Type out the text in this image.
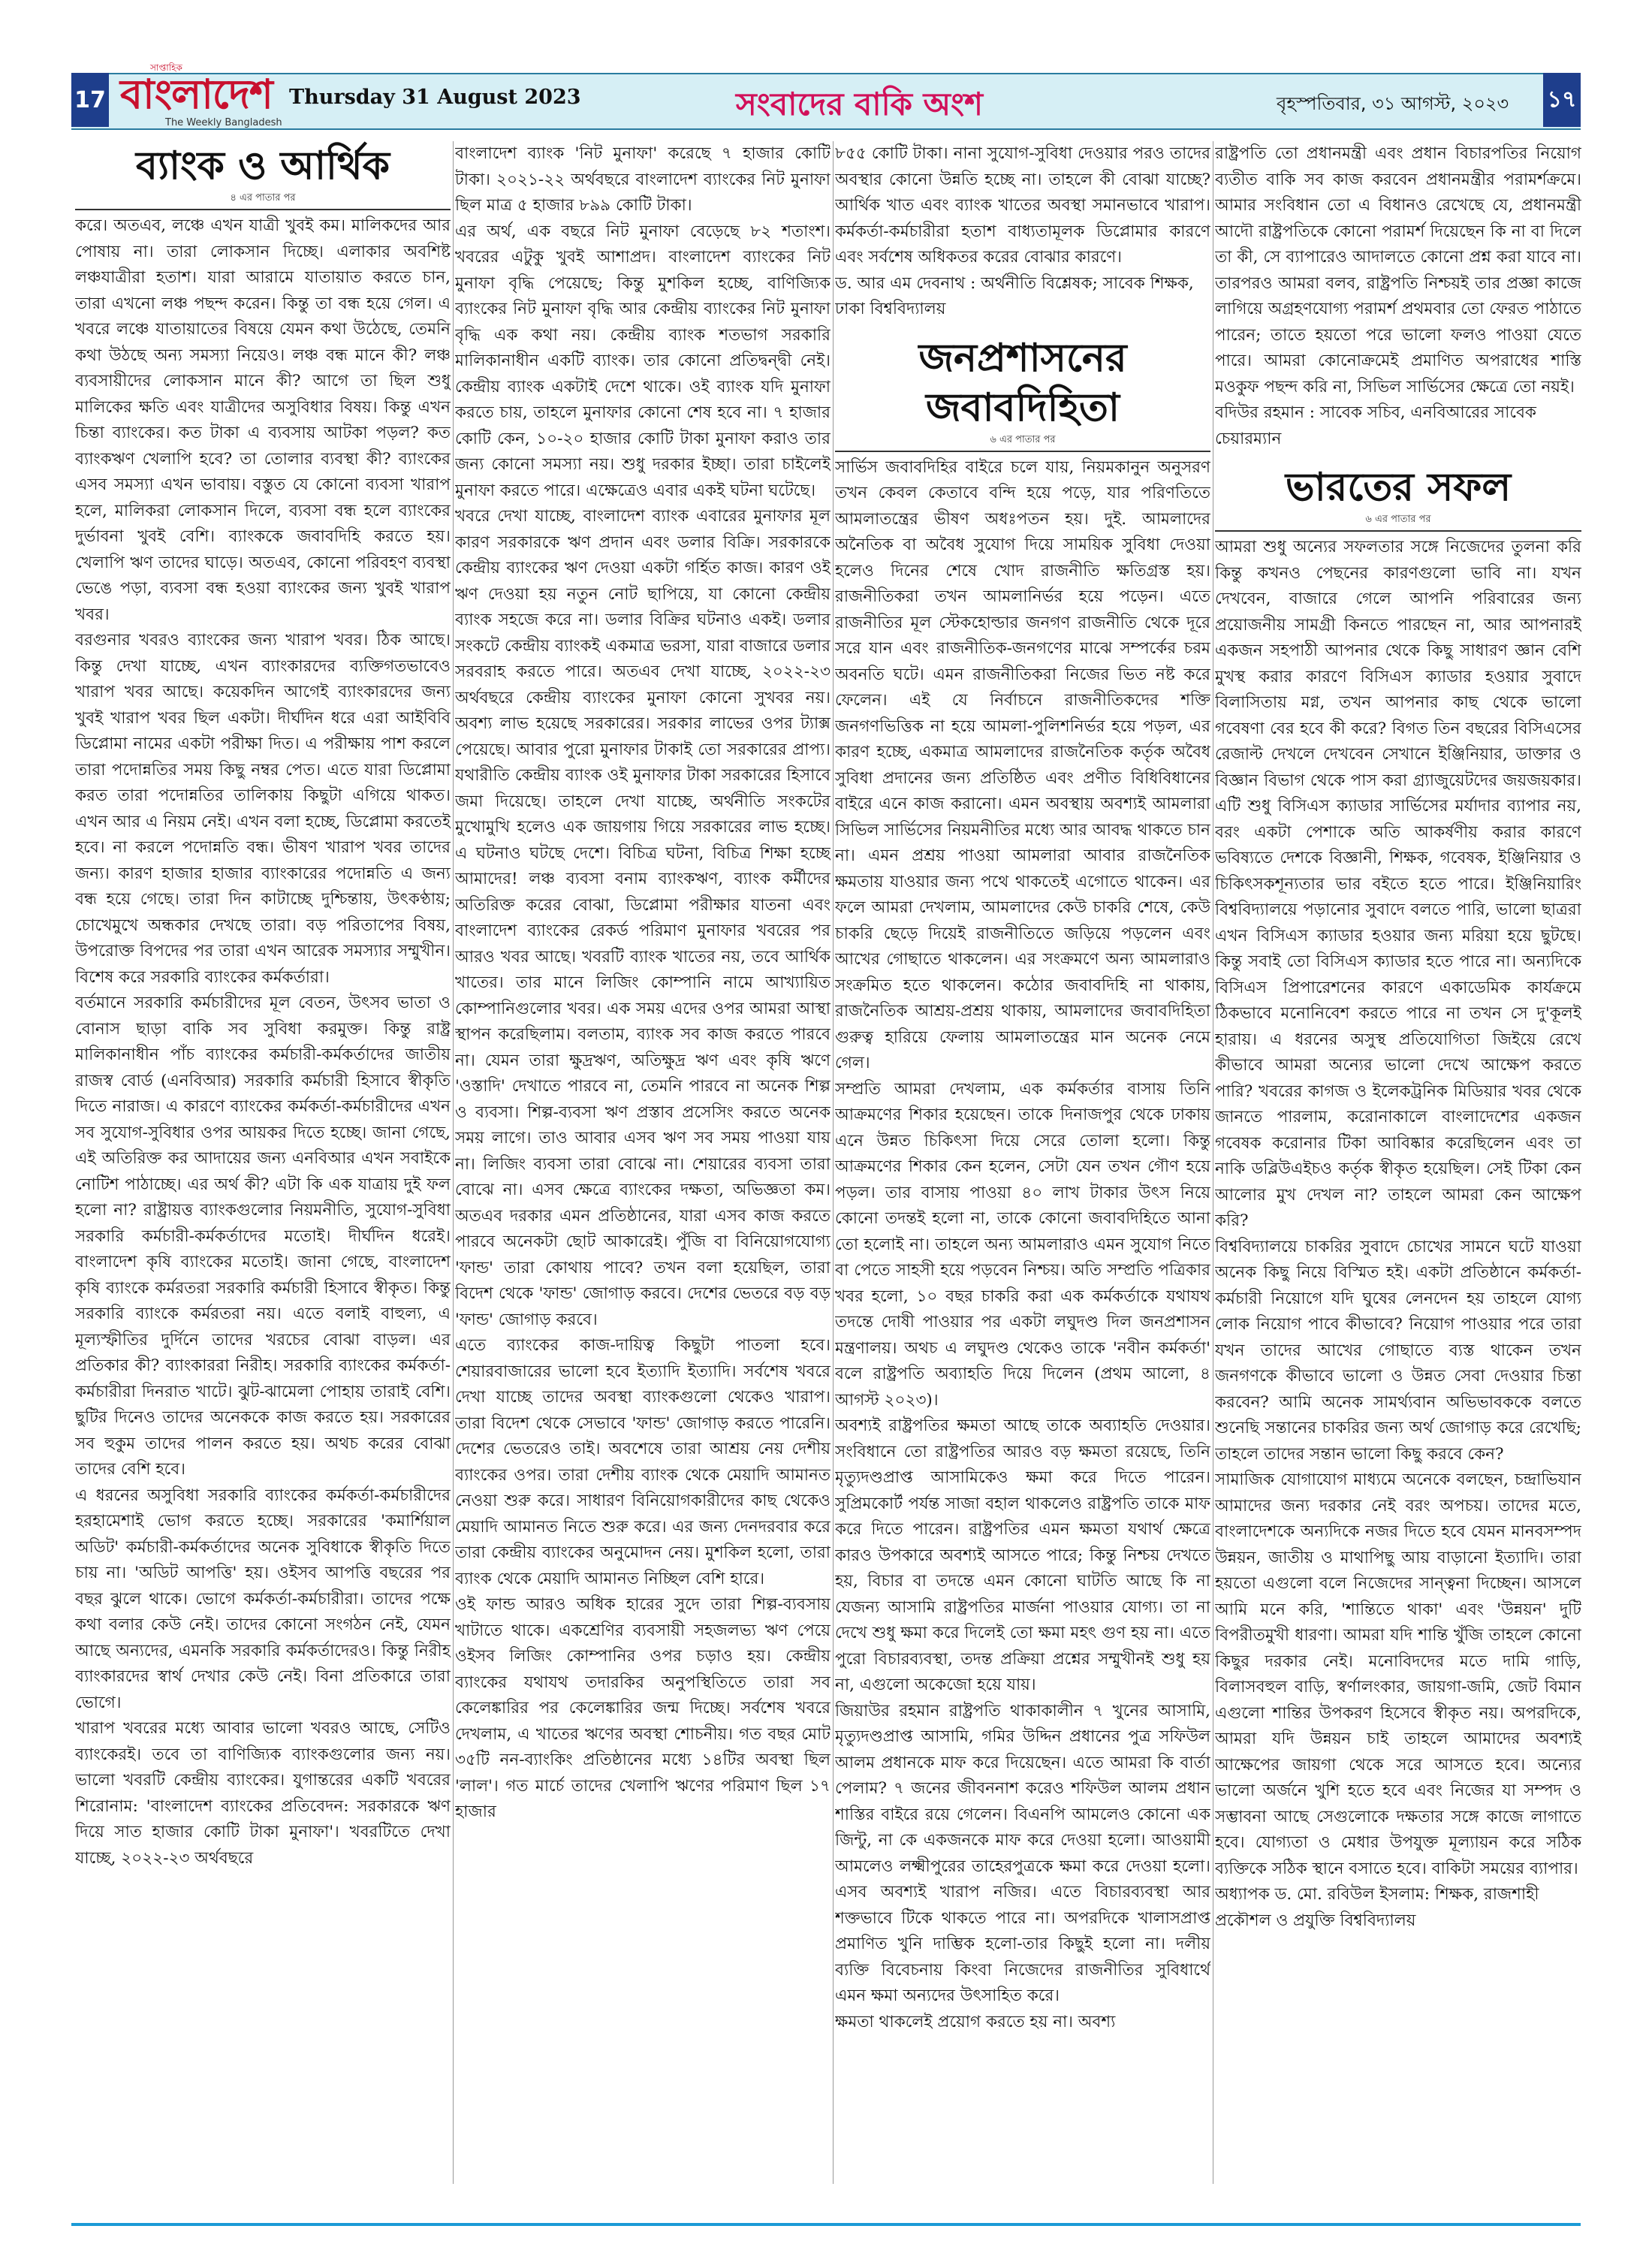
17
সাপ্তাহিক
বাংলাদেশ
The Weekly Bangladesh
Thursday 31 August 2023	সংবাদের বাকি অংশ	বৃহস্পতিবার, ৩১ আগস্ট, ২০২৩ ১৭
ব্যাংক ও আর্থিক
৪ এর পাতার পর

করে। অতএব, লঞ্চে এখন যাত্রী খুবই কম। মালিকদের আর পোষায় না। তারা লোকসান দিচ্ছে। এলাকার অবশিষ্ট লঞ্চযাত্রীরা হতাশ। যারা আরামে যাতায়াত করতে চান, তারা এখনো লঞ্চ পছন্দ করেন। কিন্তু তা বন্ধ হয়ে গেল। এ খবরে লঞ্চে যাতায়াতের বিষয়ে যেমন কথা উঠেছে, তেমনি কথা উঠছে অন্য সমস্যা নিয়েও। লঞ্চ বন্ধ মানে কী? লঞ্চ ব্যবসায়ীদের লোকসান মানে কী? আগে তা ছিল শুধু মালিকের ক্ষতি এবং যাত্রীদের অসুবিধার বিষয়। কিন্তু এখন চিন্তা ব্যাংকের। কত টাকা এ ব্যবসায় আটকা পড়ল? কত ব্যাংকঋণ খেলাপি হবে? তা তোলার ব্যবস্থা কী? ব্যাংকের এসব সমস্যা এখন ভাবায়। বস্তুত যে কোনো ব্যবসা খারাপ হলে, মালিকরা লোকসান দিলে, ব্যবসা বন্ধ হলে ব্যাংকের দুর্ভাবনা খুবই বেশি। ব্যাংককে জবাবদিহি করতে হয়। খেলাপি ঋণ তাদের ঘাড়ে। অতএব, কোনো পরিবহণ ব্যবস্থা ভেঙে পড়া, ব্যবসা বন্ধ হওয়া ব্যাংকের জন্য খুবই খারাপ খবর।

বরগুনার খবরও ব্যাংকের জন্য খারাপ খবর। ঠিক আছে। কিন্তু দেখা যাচ্ছে, এখন ব্যাংকারদের ব্যক্তিগতভাবেও খারাপ খবর আছে। কয়েকদিন আগেই ব্যাংকারদের জন্য খুবই খারাপ খবর ছিল একটা। দীর্ঘদিন ধরে এরা আইবিবি ডিপ্লোমা নামের একটা পরীক্ষা দিত। এ পরীক্ষায় পাশ করলে তারা পদোন্নতির সময় কিছু নম্বর পেত। এতে যারা ডিপ্লোমা করত তারা পদোন্নতির তালিকায় কিছুটা এগিয়ে থাকত। এখন আর এ নিয়ম নেই। এখন বলা হচ্ছে, ডিপ্লোমা করতেই হবে। না করলে পদোন্নতি বন্ধ। ভীষণ খারাপ খবর তাদের জন্য। কারণ হাজার হাজার ব্যাংকারের পদোন্নতি এ জন্য বন্ধ হয়ে গেছে। তারা দিন কাটাচ্ছে দুশ্চিন্তায়, উৎকণ্ঠায়; চোখেমুখে অন্ধকার দেখছে তারা। বড় পরিতাপের বিষয়, উপরোক্ত বিপদের পর তারা এখন আরেক সমস্যার সম্মুখীন। বিশেষ করে সরকারি ব্যাংকের কর্মকর্তারা।

বর্তমানে সরকারি কর্মচারীদের মূল বেতন, উৎসব ভাতা ও বোনাস ছাড়া বাকি সব সুবিধা করমুক্ত। কিন্তু রাষ্ট্র মালিকানাধীন পাঁচ ব্যাংকের কর্মচারী-কর্মকর্তাদের জাতীয় রাজস্ব বোর্ড (এনবিআর) সরকারি কর্মচারী হিসাবে স্বীকৃতি দিতে নারাজ। এ কারণে ব্যাংকের কর্মকর্তা-কর্মচারীদের এখন সব সুযোগ-সুবিধার ওপর আয়কর দিতে হচ্ছে। জানা গেছে, এই অতিরিক্ত কর আদায়ের জন্য এনবিআর এখন সবাইকে নোটিশ পাঠাচ্ছে। এর অর্থ কী? এটা কি এক যাত্রায় দুই ফল হলো না? রাষ্ট্রায়ত্ত ব্যাংকগুলোর নিয়মনীতি, সুযোগ-সুবিধা সরকারি কর্মচারী-কর্মকর্তাদের মতোই। দীর্ঘদিন ধরেই। বাংলাদেশ কৃষি ব্যাংকের মতোই। জানা গেছে, বাংলাদেশ কৃষি ব্যাংকে কর্মরতরা সরকারি কর্মচারী হিসাবে স্বীকৃত। কিন্তু সরকারি ব্যাংকে কর্মরতরা নয়। এতে বলাই বাহুল্য, এ মূল্যস্ফীতির দুর্দিনে তাদের খরচের বোঝা বাড়ল। এর প্রতিকার কী? ব্যাংকাররা নিরীহ। সরকারি ব্যাংকের কর্মকর্তা-কর্মচারীরা দিনরাত খাটে। ঝুট-ঝামেলা পোহায় তারাই বেশি। ছুটির দিনেও তাদের অনেককে কাজ করতে হয়। সরকারের সব হুকুম তাদের পালন করতে হয়। অথচ করের বোঝা তাদের বেশি হবে।

এ ধরনের অসুবিধা সরকারি ব্যাংকের কর্মকর্তা-কর্মচারীদের হরহামেশাই ভোগ করতে হচ্ছে। সরকারের 'কমার্শিয়াল অডিট' কর্মচারী-কর্মকর্তাদের অনেক সুবিধাকে স্বীকৃতি দিতে চায় না। 'অডিট আপত্তি' হয়। ওইসব আপত্তি বছরের পর বছর ঝুলে থাকে। ভোগে কর্মকর্তা-কর্মচারীরা। তাদের পক্ষে কথা বলার কেউ নেই। তাদের কোনো সংগঠন নেই, যেমন আছে অন্যদের, এমনকি সরকারি কর্মকর্তাদেরও। কিন্তু নিরীহ ব্যাংকারদের স্বার্থ দেখার কেউ নেই। বিনা প্রতিকারে তারা ভোগে।

খারাপ খবরের মধ্যে আবার ভালো খবরও আছে, সেটিও ব্যাংকেরই। তবে তা বাণিজ্যিক ব্যাংকগুলোর জন্য নয়। ভালো খবরটি কেন্দ্রীয় ব্যাংকের। যুগান্তরের একটি খবরের শিরোনাম: 'বাংলাদেশ ব্যাংকের প্রতিবেদন: সরকারকে ঋণ দিয়ে সাত হাজার কোটি টাকা মুনাফা'। খবরটিতে দেখা যাচ্ছে, ২০২২-২৩ অর্থবছরে

বাংলাদেশ ব্যাংক 'নিট মুনাফা' করেছে ৭ হাজার কোটি টাকা। ২০২১-২২ অর্থবছরে বাংলাদেশ ব্যাংকের নিট মুনাফা ছিল মাত্র ৫ হাজার ৮৯৯ কোটি টাকা।

এর অর্থ, এক বছরে নিট মুনাফা বেড়েছে ৮২ শতাংশ। খবরের এটুকু খুবই আশাপ্রদ। বাংলাদেশ ব্যাংকের নিট মুনাফা বৃদ্ধি পেয়েছে; কিন্তু মুশকিল হচ্ছে, বাণিজ্যিক ব্যাংকের নিট মুনাফা বৃদ্ধি আর কেন্দ্রীয় ব্যাংকের নিট মুনাফা বৃদ্ধি এক কথা নয়। কেন্দ্রীয় ব্যাংক শতভাগ সরকারি মালিকানাধীন একটি ব্যাংক। তার কোনো প্রতিদ্বন্দ্বী নেই। কেন্দ্রীয় ব্যাংক একটাই দেশে থাকে। ওই ব্যাংক যদি মুনাফা করতে চায়, তাহলে মুনাফার কোনো শেষ হবে না। ৭ হাজার কোটি কেন, ১০-২০ হাজার কোটি টাকা মুনাফা করাও তার জন্য কোনো সমস্যা নয়। শুধু দরকার ইচ্ছা। তারা চাইলেই মুনাফা করতে পারে। এক্ষেত্রেও এবার একই ঘটনা ঘটেছে।

খবরে দেখা যাচ্ছে, বাংলাদেশ ব্যাংক এবারের মুনাফার মূল কারণ সরকারকে ঋণ প্রদান এবং ডলার বিক্রি। সরকারকে কেন্দ্রীয় ব্যাংকের ঋণ দেওয়া একটা গর্হিত কাজ। কারণ ওই ঋণ দেওয়া হয় নতুন নোট ছাপিয়ে, যা কোনো কেন্দ্রীয় ব্যাংক সহজে করে না। ডলার বিক্রির ঘটনাও একই। ডলার সংকটে কেন্দ্রীয় ব্যাংকই একমাত্র ভরসা, যারা বাজারে ডলার সরবরাহ করতে পারে। অতএব দেখা যাচ্ছে, ২০২২-২৩ অর্থবছরে কেন্দ্রীয় ব্যাংকের মুনাফা কোনো সুখবর নয়। অবশ্য লাভ হয়েছে সরকারের। সরকার লাভের ওপর ট্যাক্স পেয়েছে। আবার পুরো মুনাফার টাকাই তো সরকারের প্রাপ্য। যথারীতি কেন্দ্রীয় ব্যাংক ওই মুনাফার টাকা সরকারের হিসাবে জমা দিয়েছে। তাহলে দেখা যাচ্ছে, অর্থনীতি সংকটের মুখোমুখি হলেও এক জায়গায় গিয়ে সরকারের লাভ হচ্ছে। এ ঘটনাও ঘটছে দেশে। বিচিত্র ঘটনা, বিচিত্র শিক্ষা হচ্ছে আমাদের! লঞ্চ ব্যবসা বনাম ব্যাংকঋণ, ব্যাংক কর্মীদের অতিরিক্ত করের বোঝা, ডিপ্লোমা পরীক্ষার যাতনা এবং বাংলাদেশ ব্যাংকের রেকর্ড পরিমাণ মুনাফার খবরের পর আরও খবর আছে। খবরটি ব্যাংক খাতের নয়, তবে আর্থিক খাতের। তার মানে লিজিং কোম্পানি নামে আখ্যায়িত কোম্পানিগুলোর খবর। এক সময় এদের ওপর আমরা আস্থা স্থাপন করেছিলাম। বলতাম, ব্যাংক সব কাজ করতে পারবে না। যেমন তারা ক্ষুদ্রঋণ, অতিক্ষুদ্র ঋণ এবং কৃষি ঋণে 'ওস্তাদি' দেখাতে পারবে না, তেমনি পারবে না অনেক শিল্প ও ব্যবসা। শিল্প-ব্যবসা ঋণ প্রস্তাব প্রসেসিং করতে অনেক সময় লাগে। তাও আবার এসব ঋণ সব সময় পাওয়া যায় না। লিজিং ব্যবসা তারা বোঝে না। শেয়ারের ব্যবসা তারা বোঝে না। এসব ক্ষেত্রে ব্যাংকের দক্ষতা, অভিজ্ঞতা কম। অতএব দরকার এমন প্রতিষ্ঠানের, যারা এসব কাজ করতে পারবে অনেকটা ছোট আকারেই। পুঁজি বা বিনিয়োগযোগ্য 'ফান্ড' তারা কোথায় পাবে? তখন বলা হয়েছিল, তারা বিদেশ থেকে 'ফান্ড' জোগাড় করবে। দেশের ভেতরে বড় বড় 'ফান্ড' জোগাড় করবে।

এতে ব্যাংকের কাজ-দায়িত্ব কিছুটা পাতলা হবে। শেয়ারবাজারের ভালো হবে ইত্যাদি ইত্যাদি। সর্বশেষ খবরে দেখা যাচ্ছে তাদের অবস্থা ব্যাংকগুলো থেকেও খারাপ। তারা বিদেশ থেকে সেভাবে 'ফান্ড' জোগাড় করতে পারেনি। দেশের ভেতরেও তাই। অবশেষে তারা আশ্রয় নেয় দেশীয় ব্যাংকের ওপর। তারা দেশীয় ব্যাংক থেকে মেয়াদি আমানত নেওয়া শুরু করে। সাধারণ বিনিয়োগকারীদের কাছ থেকেও মেয়াদি আমানত নিতে শুরু করে। এর জন্য দেনদরবার করে তারা কেন্দ্রীয় ব্যাংকের অনুমোদন নেয়। মুশকিল হলো, তারা ব্যাংক থেকে মেয়াদি আমানত নিচ্ছিল বেশি হারে।

ওই ফান্ড আরও অধিক হারের সুদে তারা শিল্প-ব্যবসায় খাটাতে থাকে। একশ্রেণির ব্যবসায়ী সহজলভ্য ঋণ পেয়ে ওইসব লিজিং কোম্পানির ওপর চড়াও হয়। কেন্দ্রীয় ব্যাংকের যথাযথ তদারকির অনুপস্থিতিতে তারা সব কেলেঙ্কারির পর কেলেঙ্কারির জন্ম দিচ্ছে। সর্বশেষ খবরে দেখলাম, এ খাতের ঋণের অবস্থা শোচনীয়। গত বছর মোট ৩৫টি নন-ব্যাংকিং প্রতিষ্ঠানের মধ্যে ১৪টির অবস্থা ছিল 'লাল'। গত মার্চে তাদের খেলাপি ঋণের পরিমাণ ছিল ১৭ হাজার

৮৫৫ কোটি টাকা। নানা সুযোগ-সুবিধা দেওয়ার পরও তাদের অবস্থার কোনো উন্নতি হচ্ছে না। তাহলে কী বোঝা যাচ্ছে? আর্থিক খাত এবং ব্যাংক খাতের অবস্থা সমানভাবে খারাপ। কর্মকর্তা-কর্মচারীরা হতাশ বাধ্যতামূলক ডিপ্লোমার কারণে এবং সর্বশেষ অধিকতর করের বোঝার কারণে।

ড. আর এম দেবনাথ : অর্থনীতি বিশ্লেষক; সাবেক শিক্ষক, ঢাকা বিশ্ববিদ্যালয়

জনপ্রশাসনের জবাবদিহিতা
৬ এর পাতার পর

সার্ভিস জবাবদিহির বাইরে চলে যায়, নিয়মকানুন অনুসরণ তখন কেবল কেতাবে বন্দি হয়ে পড়ে, যার পরিণতিতে আমলাতন্ত্রের ভীষণ অধঃপতন হয়। দুই. আমলাদের অনৈতিক বা অবৈধ সুযোগ দিয়ে সাময়িক সুবিধা দেওয়া হলেও দিনের শেষে খোদ রাজনীতি ক্ষতিগ্রস্ত হয়। রাজনীতিকরা তখন আমলানির্ভর হয়ে পড়েন। এতে রাজনীতির মূল স্টেকহোল্ডার জনগণ রাজনীতি থেকে দূরে সরে যান এবং রাজনীতিক-জনগণের মাঝে সম্পর্কের চরম অবনতি ঘটে। এমন রাজনীতিকরা নিজের ভিত নষ্ট করে ফেলেন। এই যে নির্বাচনে রাজনীতিকদের শক্তি জনগণভিত্তিক না হয়ে আমলা-পুলিশনির্ভর হয়ে পড়ল, এর কারণ হচ্ছে, একমাত্র আমলাদের রাজনৈতিক কর্তৃক অবৈধ সুবিধা প্রদানের জন্য প্রতিষ্ঠিত এবং প্রণীত বিধিবিধানের বাইরে এনে কাজ করানো। এমন অবস্থায় অবশ্যই আমলারা সিভিল সার্ভিসের নিয়মনীতির মধ্যে আর আবদ্ধ থাকতে চান না। এমন প্রশ্রয় পাওয়া আমলারা আবার রাজনৈতিক ক্ষমতায় যাওয়ার জন্য পথে থাকতেই এগোতে থাকেন। এর ফলে আমরা দেখলাম, আমলাদের কেউ চাকরি শেষে, কেউ চাকরি ছেড়ে দিয়েই রাজনীতিতে জড়িয়ে পড়লেন এবং আখের গোছাতে থাকলেন। এর সংক্রমণে অন্য আমলারাও সংক্রমিত হতে থাকলেন। কঠোর জবাবদিহি না থাকায়, রাজনৈতিক আশ্রয়-প্রশ্রয় থাকায়, আমলাদের জবাবদিহিতা গুরুত্ব হারিয়ে ফেলায় আমলাতন্ত্রের মান অনেক নেমে গেল।

সম্প্রতি আমরা দেখলাম, এক কর্মকর্তার বাসায় তিনি আক্রমণের শিকার হয়েছেন। তাকে দিনাজপুর থেকে ঢাকায় এনে উন্নত চিকিৎসা দিয়ে সেরে তোলা হলো। কিন্তু আক্রমণের শিকার কেন হলেন, সেটা যেন তখন গৌণ হয়ে পড়ল। তার বাসায় পাওয়া ৪০ লাখ টাকার উৎস নিয়ে কোনো তদন্তই হলো না, তাকে কোনো জবাবদিহিতে আনা তো হলোই না। তাহলে অন্য আমলারাও এমন সুযোগ নিতে বা পেতে সাহসী হয়ে পড়বেন নিশ্চয়। অতি সম্প্রতি পত্রিকার খবর হলো, ১০ বছর চাকরি করা এক কর্মকর্তাকে যথাযথ তদন্তে দোষী পাওয়ার পর একটা লঘুদণ্ড দিল জনপ্রশাসন মন্ত্রণালয়। অথচ এ লঘুদণ্ড থেকেও তাকে 'নবীন কর্মকর্তা' বলে রাষ্ট্রপতি অব্যাহতি দিয়ে দিলেন (প্রথম আলো, ৪ আগস্ট ২০২৩)।

অবশ্যই রাষ্ট্রপতির ক্ষমতা আছে তাকে অব্যাহতি দেওয়ার। সংবিধানে তো রাষ্ট্রপতির আরও বড় ক্ষমতা রয়েছে, তিনি মৃত্যুদণ্ডপ্রাপ্ত আসামিকেও ক্ষমা করে দিতে পারেন। সুপ্রিমকোর্ট পর্যন্ত সাজা বহাল থাকলেও রাষ্ট্রপতি তাকে মাফ করে দিতে পারেন। রাষ্ট্রপতির এমন ক্ষমতা যথার্থ ক্ষেত্রে কারও উপকারে অবশ্যই আসতে পারে; কিন্তু নিশ্চয় দেখতে হয়, বিচার বা তদন্তে এমন কোনো ঘাটতি আছে কি না যেজন্য আসামি রাষ্ট্রপতির মার্জনা পাওয়ার যোগ্য। তা না দেখে শুধু ক্ষমা করে দিলেই তো ক্ষমা মহৎ গুণ হয় না। এতে পুরো বিচারব্যবস্থা, তদন্ত প্রক্রিয়া প্রশ্নের সম্মুখীনই শুধু হয় না, এগুলো অকেজো হয়ে যায়।

জিয়াউর রহমান রাষ্ট্রপতি থাকাকালীন ৭ খুনের আসামি, মৃত্যুদণ্ডপ্রাপ্ত আসামি, গমির উদ্দিন প্রধানের পুত্র সফিউল আলম প্রধানকে মাফ করে দিয়েছেন। এতে আমরা কি বার্তা পেলাম? ৭ জনের জীবননাশ করেও শফিউল আলম প্রধান শাস্তির বাইরে রয়ে গেলেন। বিএনপি আমলেও কোনো এক জিন্টু, না কে একজনকে মাফ করে দেওয়া হলো। আওয়ামী আমলেও লক্ষ্মীপুরের তাহেরপুত্রকে ক্ষমা করে দেওয়া হলো। এসব অবশ্যই খারাপ নজির। এতে বিচারব্যবস্থা আর শক্তভাবে টিকে থাকতে পারে না। অপরদিকে খালাসপ্রাপ্ত প্রমাণিত খুনি দাম্ভিক হলো-তার কিছুই হলো না। দলীয় ব্যক্তি বিবেচনায় কিংবা নিজেদের রাজনীতির সুবিধার্থে এমন ক্ষমা অন্যদের উৎসাহিত করে।

ক্ষমতা থাকলেই প্রয়োগ করতে হয় না। অবশ্য

রাষ্ট্রপতি তো প্রধানমন্ত্রী এবং প্রধান বিচারপতির নিয়োগ ব্যতীত বাকি সব কাজ করবেন প্রধানমন্ত্রীর পরামর্শক্রমে। আমার সংবিধান তো এ বিধানও রেখেছে যে, প্রধানমন্ত্রী আদৌ রাষ্ট্রপতিকে কোনো পরামর্শ দিয়েছেন কি না বা দিলে তা কী, সে ব্যাপারেও আদালতে কোনো প্রশ্ন করা যাবে না। তারপরও আমরা বলব, রাষ্ট্রপতি নিশ্চয়ই তার প্রজ্ঞা কাজে লাগিয়ে অগ্রহণযোগ্য পরামর্শ প্রথমবার তো ফেরত পাঠাতে পারেন; তাতে হয়তো পরে ভালো ফলও পাওয়া যেতে পারে। আমরা কোনোক্রমেই প্রমাণিত অপরাধের শাস্তি মওকুফ পছন্দ করি না, সিভিল সার্ভিসের ক্ষেত্রে তো নয়ই।

বদিউর রহমান : সাবেক সচিব, এনবিআরের সাবেক চেয়ারম্যান

ভারতের সফল
৬ এর পাতার পর

আমরা শুধু অন্যের সফলতার সঙ্গে নিজেদের তুলনা করি কিন্তু কখনও পেছনের কারণগুলো ভাবি না। যখন দেখবেন, বাজারে গেলে আপনি পরিবারের জন্য প্রয়োজনীয় সামগ্রী কিনতে পারছেন না, আর আপনারই একজন সহপাঠী আপনার থেকে কিছু সাধারণ জ্ঞান বেশি মুখস্থ করার কারণে বিসিএস ক্যাডার হওয়ার সুবাদে বিলাসিতায় মগ্ন, তখন আপনার কাছ থেকে ভালো গবেষণা বের হবে কী করে? বিগত তিন বছরের বিসিএসের রেজাল্ট দেখলে দেখবেন সেখানে ইঞ্জিনিয়ার, ডাক্তার ও বিজ্ঞান বিভাগ থেকে পাস করা গ্র্যাজুয়েটদের জয়জয়কার। এটি শুধু বিসিএস ক্যাডার সার্ভিসের মর্যাদার ব্যাপার নয়, বরং একটা পেশাকে অতি আকর্ষণীয় করার কারণে ভবিষ্যতে দেশকে বিজ্ঞানী, শিক্ষক, গবেষক, ইঞ্জিনিয়ার ও চিকিৎসকশূন্যতার ভার বইতে হতে পারে। ইঞ্জিনিয়ারিং বিশ্ববিদ্যালয়ে পড়ানোর সুবাদে বলতে পারি, ভালো ছাত্ররা এখন বিসিএস ক্যাডার হওয়ার জন্য মরিয়া হয়ে ছুটছে। কিন্তু সবাই তো বিসিএস ক্যাডার হতে পারে না। অন্যদিকে বিসিএস প্রিপারেশনের কারণে একাডেমিক কার্যক্রমে ঠিকভাবে মনোনিবেশ করতে পারে না তখন সে দু'কূলই হারায়। এ ধরনের অসুস্থ প্রতিযোগিতা জিইয়ে রেখে কীভাবে আমরা অন্যের ভালো দেখে আক্ষেপ করতে পারি? খবরের কাগজ ও ইলেকট্রনিক মিডিয়ার খবর থেকে জানতে পারলাম, করোনাকালে বাংলাদেশের একজন গবেষক করোনার টিকা আবিষ্কার করেছিলেন এবং তা নাকি ডব্লিউএইচও কর্তৃক স্বীকৃত হয়েছিল। সেই টিকা কেন আলোর মুখ দেখল না? তাহলে আমরা কেন আক্ষেপ করি?

বিশ্ববিদ্যালয়ে চাকরির সুবাদে চোখের সামনে ঘটে যাওয়া অনেক কিছু নিয়ে বিস্মিত হই। একটা প্রতিষ্ঠানে কর্মকর্তা-কর্মচারী নিয়োগে যদি ঘুষের লেনদেন হয় তাহলে যোগ্য লোক নিয়োগ পাবে কীভাবে? নিয়োগ পাওয়ার পরে তারা যখন তাদের আখের গোছাতে ব্যস্ত থাকেন তখন জনগণকে কীভাবে ভালো ও উন্নত সেবা দেওয়ার চিন্তা করবেন? আমি অনেক সামর্থ্যবান অভিভাবককে বলতে শুনেছি সন্তানের চাকরির জন্য অর্থ জোগাড় করে রেখেছি; তাহলে তাদের সন্তান ভালো কিছু করবে কেন?

সামাজিক যোগাযোগ মাধ্যমে অনেকে বলছেন, চন্দ্রাভিযান আমাদের জন্য দরকার নেই বরং অপচয়। তাদের মতে, বাংলাদেশকে অন্যদিকে নজর দিতে হবে যেমন মানবসম্পদ উন্নয়ন, জাতীয় ও মাথাপিছু আয় বাড়ানো ইত্যাদি। তারা হয়তো এগুলো বলে নিজেদের সান্ত্বনা দিচ্ছেন। আসলে আমি মনে করি, 'শান্তিতে থাকা' এবং 'উন্নয়ন' দুটি বিপরীতমুখী ধারণা। আমরা যদি শান্তি খুঁজি তাহলে কোনো কিছুর দরকার নেই। মনোবিদদের মতে দামি গাড়ি, বিলাসবহুল বাড়ি, স্বর্ণালংকার, জায়গা-জমি, জেট বিমান এগুলো শান্তির উপকরণ হিসেবে স্বীকৃত নয়। অপরদিকে, আমরা যদি উন্নয়ন চাই তাহলে আমাদের অবশ্যই আক্ষেপের জায়গা থেকে সরে আসতে হবে। অন্যের ভালো অর্জনে খুশি হতে হবে এবং নিজের যা সম্পদ ও সম্ভাবনা আছে সেগুলোকে দক্ষতার সঙ্গে কাজে লাগাতে হবে। যোগ্যতা ও মেধার উপযুক্ত মূল্যায়ন করে সঠিক ব্যক্তিকে সঠিক স্থানে বসাতে হবে। বাকিটা সময়ের ব্যাপার।

অধ্যাপক ড. মো. রবিউল ইসলাম: শিক্ষক, রাজশাহী প্রকৌশল ও প্রযুক্তি বিশ্ববিদ্যালয়
